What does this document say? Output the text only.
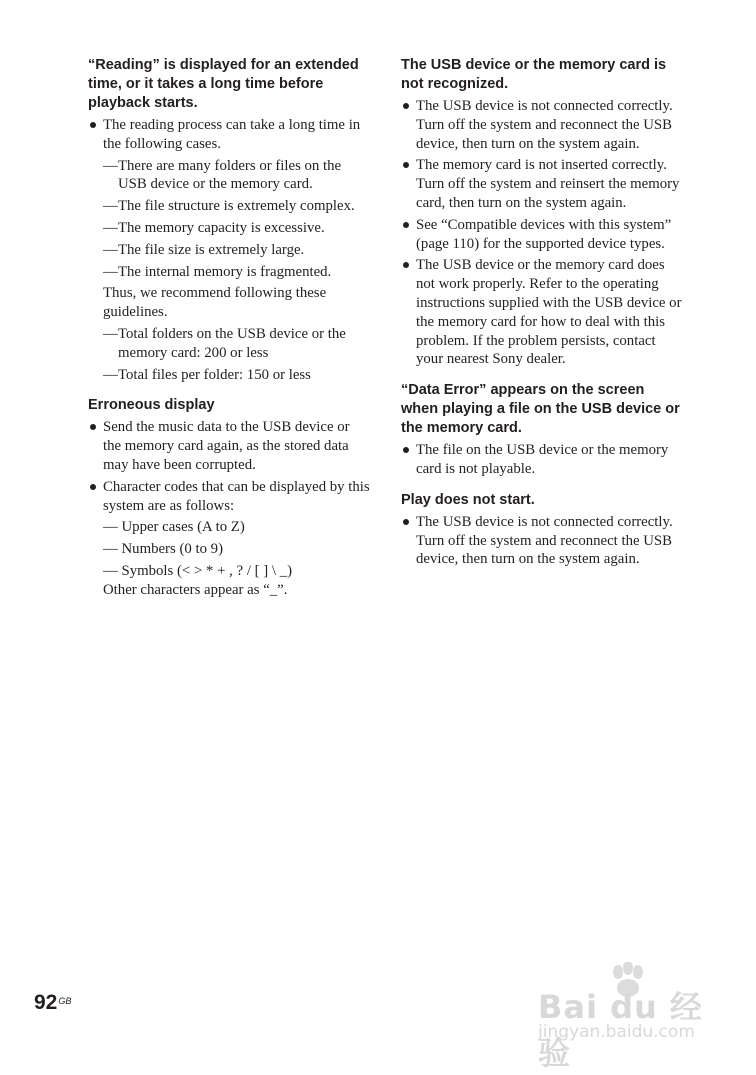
“Reading” is displayed for an extended time, or it takes a long time before playback starts.
The reading process can take a long time in the following cases.
— There are many folders or files on the USB device or the memory card.
— The file structure is extremely complex.
— The memory capacity is excessive.
— The file size is extremely large.
— The internal memory is fragmented.
Thus, we recommend following these guidelines.
— Total folders on the USB device or the memory card: 200 or less
— Total files per folder: 150 or less
Erroneous display
Send the music data to the USB device or the memory card again, as the stored data may have been corrupted.
Character codes that can be displayed by this system are as follows:
— Upper cases (A to Z)
— Numbers (0 to 9)
— Symbols (< > * + , ? / [ ] \ _)
Other characters appear as “_”.
The USB device or the memory card is not recognized.
The USB device is not connected correctly. Turn off the system and reconnect the USB device, then turn on the system again.
The memory card is not inserted correctly. Turn off the system and reinsert the memory card, then turn on the system again.
See “Compatible devices with this system” (page 110) for the supported device types.
The USB device or the memory card does not work properly. Refer to the operating instructions supplied with the USB device or the memory card for how to deal with this problem. If the problem persists, contact your nearest Sony dealer.
“Data Error” appears on the screen when playing a file on the USB device or the memory card.
The file on the USB device or the memory card is not playable.
Play does not start.
The USB device is not connected correctly. Turn off the system and reconnect the USB device, then turn on the system again.
$92^{GB}$	Bai du 经验
jingyan.baidu.com
